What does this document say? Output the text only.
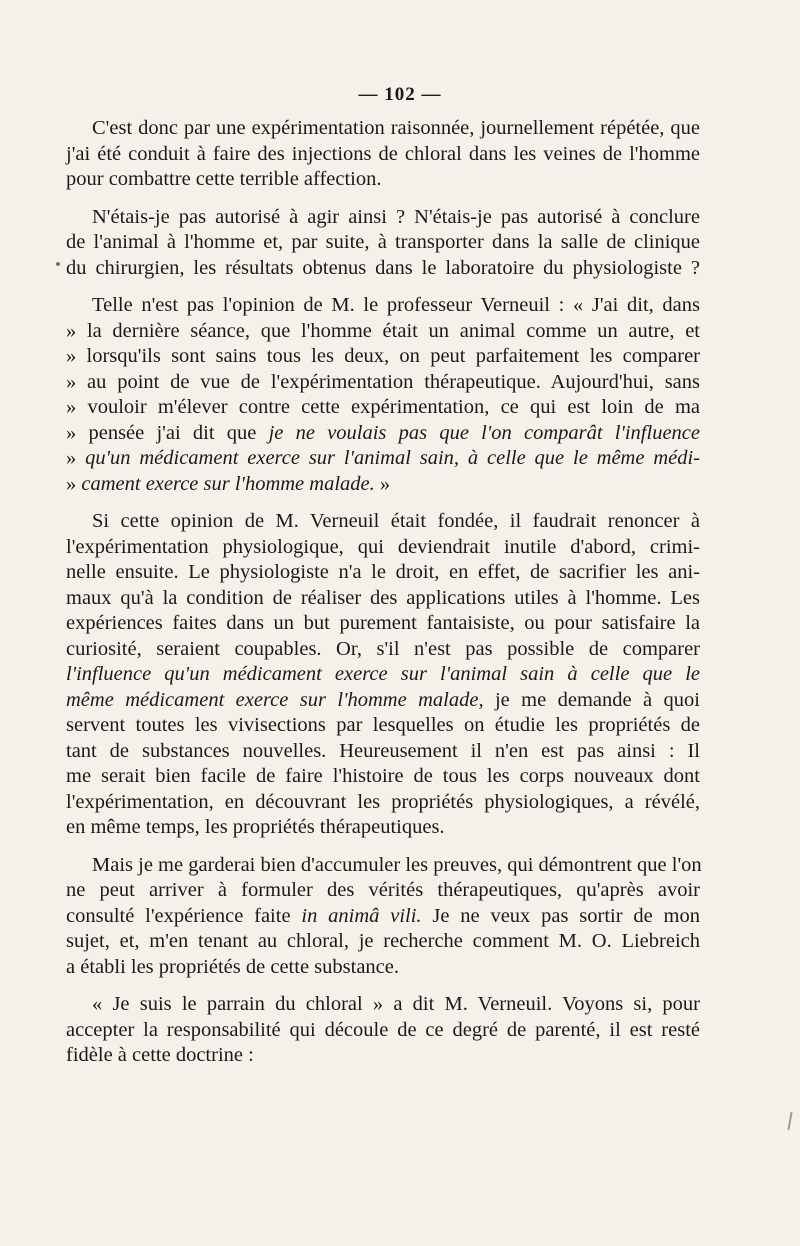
— 102 —
C'est donc par une expérimentation raisonnée, journellement répétée, que
j'ai été conduit à faire des injections de chloral dans les veines de l'homme
pour combattre cette terrible affection.
N'étais-je pas autorisé à agir ainsi ? N'étais-je pas autorisé à conclure
de l'animal à l'homme et, par suite, à transporter dans la salle de clinique
du chirurgien, les résultats obtenus dans le laboratoire du physiologiste ?
Telle n'est pas l'opinion de M. le professeur Verneuil : « J'ai dit, dans
» la dernière séance, que l'homme était un animal comme un autre, et
» lorsqu'ils sont sains tous les deux, on peut parfaitement les comparer
» au point de vue de l'expérimentation thérapeutique. Aujourd'hui, sans
» vouloir m'élever contre cette expérimentation, ce qui est loin de ma
» pensée j'ai dit que je ne voulais pas que l'on comparât l'influence
» qu'un médicament exerce sur l'animal sain, à celle que le même médi-
» cament exerce sur l'homme malade. »
Si cette opinion de M. Verneuil était fondée, il faudrait renoncer à
l'expérimentation physiologique, qui deviendrait inutile d'abord, crimi-
nelle ensuite. Le physiologiste n'a le droit, en effet, de sacrifier les ani-
maux qu'à la condition de réaliser des applications utiles à l'homme. Les
expériences faites dans un but purement fantaisiste, ou pour satisfaire la
curiosité, seraient coupables. Or, s'il n'est pas possible de comparer
l'influence qu'un médicament exerce sur l'animal sain à celle que le
même médicament exerce sur l'homme malade, je me demande à quoi
servent toutes les vivisections par lesquelles on étudie les propriétés de
tant de substances nouvelles. Heureusement il n'en est pas ainsi : Il
me serait bien facile de faire l'histoire de tous les corps nouveaux dont
l'expérimentation, en découvrant les propriétés physiologiques, a révélé,
en même temps, les propriétés thérapeutiques.
Mais je me garderai bien d'accumuler les preuves, qui démontrent que l'on
ne peut arriver à formuler des vérités thérapeutiques, qu'après avoir
consulté l'expérience faite in animâ vili. Je ne veux pas sortir de mon
sujet, et, m'en tenant au chloral, je recherche comment M. O. Liebreich
a établi les propriétés de cette substance.
« Je suis le parrain du chloral » a dit M. Verneuil. Voyons si, pour
accepter la responsabilité qui découle de ce degré de parenté, il est resté
fidèle à cette doctrine :
